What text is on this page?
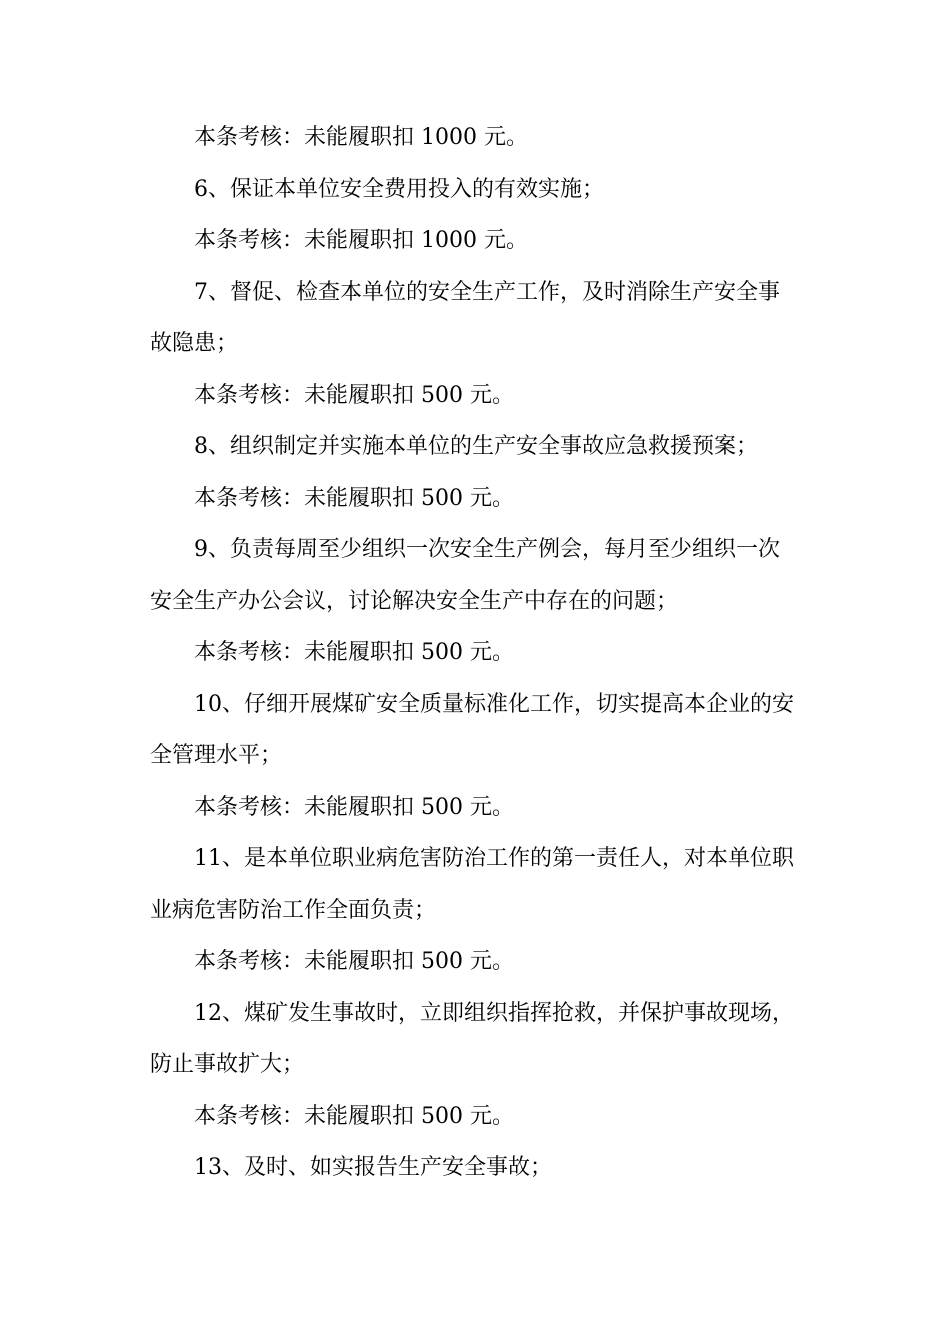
本条考核：未能履职扣 1000 元。

6、保证本单位安全费用投入的有效实施；

本条考核：未能履职扣 1000 元。

7、督促、检查本单位的安全生产工作，及时消除生产安全事故隐患；

本条考核：未能履职扣 500 元。

8、组织制定并实施本单位的生产安全事故应急救援预案；

本条考核：未能履职扣 500 元。

9、负责每周至少组织一次安全生产例会，每月至少组织一次安全生产办公会议，讨论解决安全生产中存在的问题；

本条考核：未能履职扣 500 元。

10、仔细开展煤矿安全质量标准化工作，切实提高本企业的安全管理水平；

本条考核：未能履职扣 500 元。

11、是本单位职业病危害防治工作的第一责任人，对本单位职业病危害防治工作全面负责；

本条考核：未能履职扣 500 元。

12、煤矿发生事故时，立即组织指挥抢救，并保护事故现场，防止事故扩大；

本条考核：未能履职扣 500 元。

13、及时、如实报告生产安全事故；
